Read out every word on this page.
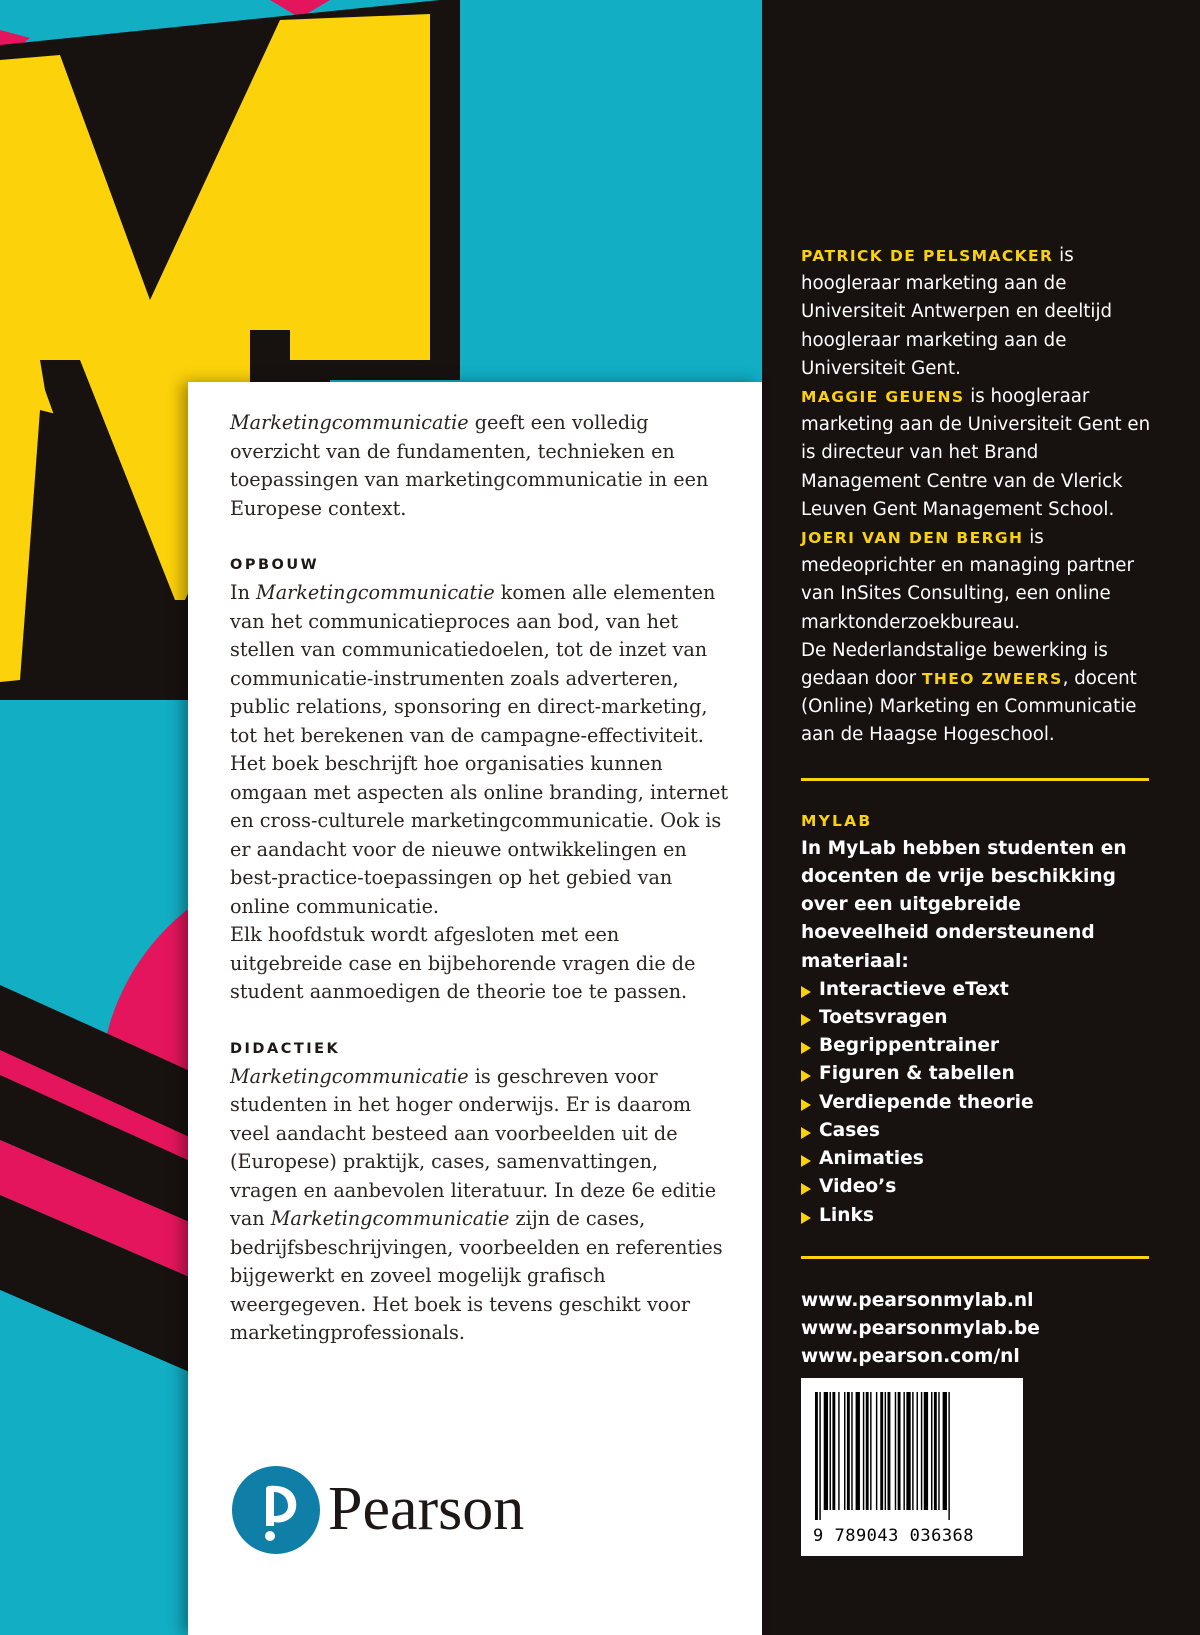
Marketingcommunicatie geeft een volledig overzicht van de fundamenten, technieken en toepassingen van marketingcommunicatie in een Europese context.

OPBOUW

In Marketingcommunicatie komen alle elementen van het communicatieproces aan bod, van het stellen van communicatiedoelen, tot de inzet van communicatie-instrumenten zoals adverteren, public relations, sponsoring en direct-marketing, tot het berekenen van de campagne-effectiviteit. Het boek beschrijft hoe organisaties kunnen omgaan met aspecten als online branding, internet en cross-culturele marketingcommunicatie. Ook is er aandacht voor de nieuwe ontwikkelingen en best-practice-toepassingen op het gebied van online communicatie.

Elk hoofdstuk wordt afgesloten met een uitgebreide case en bijbehorende vragen die de student aanmoedigen de theorie toe te passen.

DIDACTIEK

Marketingcommunicatie is geschreven voor studenten in het hoger onderwijs. Er is daarom veel aandacht besteed aan voorbeelden uit de (Europese) praktijk, cases, samenvattingen, vragen en aanbevolen literatuur. In deze 6e editie van Marketingcommunicatie zijn de cases, bedrijfsbeschrijvingen, voorbeelden en referenties bijgewerkt en zoveel mogelijk grafisch weergegeven. Het boek is tevens geschikt voor marketingprofessionals.

Pearson

PATRICK DE PELSMACKER is hoogleraar marketing aan de Universiteit Antwerpen en deeltijd hoogleraar marketing aan de Universiteit Gent.

MAGGIE GEUENS is hoogleraar marketing aan de Universiteit Gent en is directeur van het Brand Management Centre van de Vlerick Leuven Gent Management School.

JOERI VAN DEN BERGH is medeoprichter en managing partner van InSites Consulting, een online marktonderzoekbureau.

De Nederlandstalige bewerking is gedaan door THEO ZWEERS, docent (Online) Marketing en Communicatie aan de Haagse Hogeschool.

MYLAB
In MyLab hebben studenten en docenten de vrije beschikking over een uitgebreide hoeveelheid ondersteunend materiaal:
Interactieve eText
Toetsvragen
Begrippentrainer
Figuren & tabellen
Verdiepende theorie
Cases
Animaties
Video’s
Links
www.pearsonmylab.nl
www.pearsonmylab.be
www.pearson.com/nl
9 789043 036368
